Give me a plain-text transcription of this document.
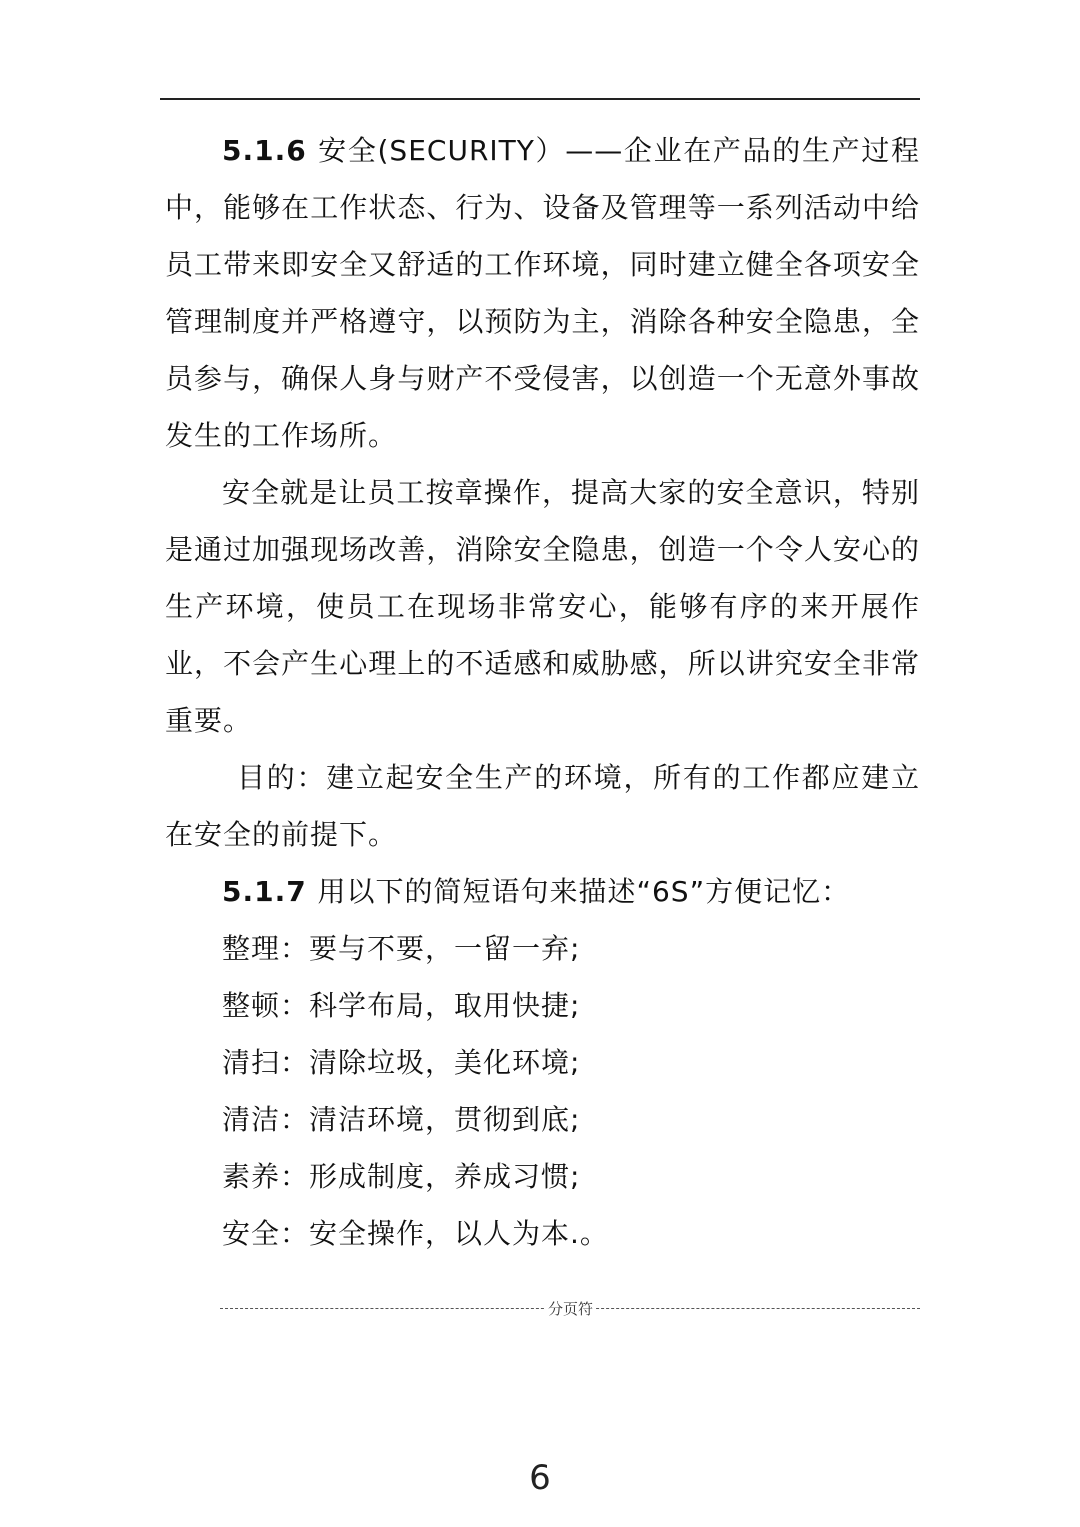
5.1.6 安全(SECURITY）——企业在产品的生产过程中，能够在工作状态、行为、设备及管理等一系列活动中给员工带来即安全又舒适的工作环境，同时建立健全各项安全管理制度并严格遵守，以预防为主，消除各种安全隐患，全员参与，确保人身与财产不受侵害，以创造一个无意外事故发生的工作场所。

安全就是让员工按章操作，提高大家的安全意识，特别是通过加强现场改善，消除安全隐患，创造一个令人安心的生产环境，使员工在现场非常安心，能够有序的来开展作业，不会产生心理上的不适感和威胁感，所以讲究安全非常重要。

目的：建立起安全生产的环境，所有的工作都应建立在安全的前提下。

5.1.7 用以下的简短语句来描述“6S”方便记忆：

整理：要与不要，一留一弃;

整顿：科学布局，取用快捷;

清扫：清除垃圾，美化环境;

清洁：清洁环境，贯彻到底;

素养：形成制度，养成习惯;

安全：安全操作，以人为本.。

分页符
6
